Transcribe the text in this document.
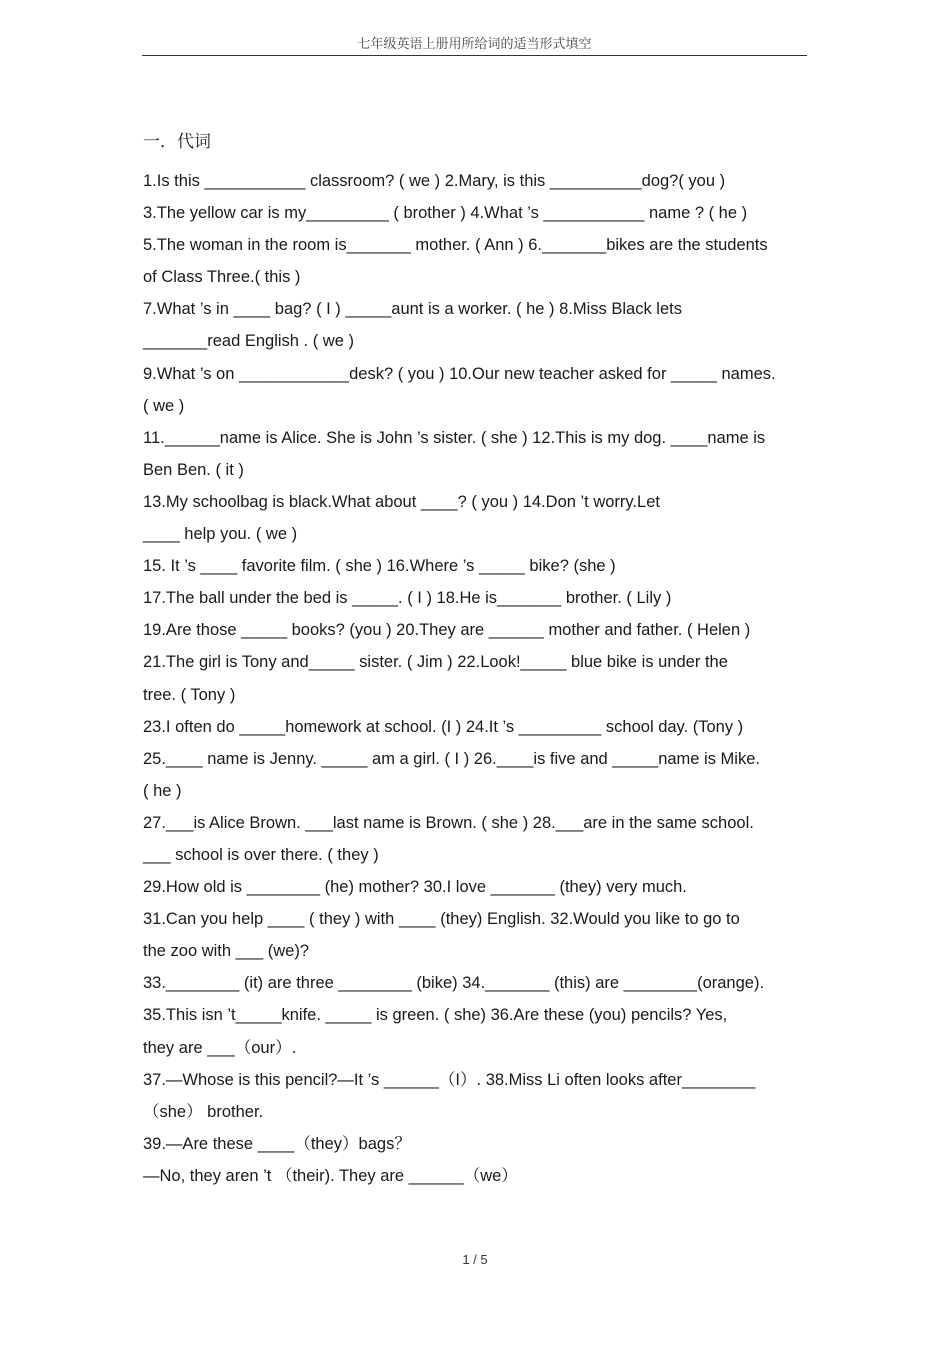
七年级英语上册用所给词的适当形式填空
一．代词
1.Is this ___________ classroom? ( we ) 2.Mary, is this __________dog?( you )
3.The yellow car is my_________ ( brother ) 4.What ’s ___________ name ? ( he )
5.The woman in the room is_______ mother. ( Ann ) 6._______bikes are the students
of Class Three.( this )
7.What ’s in ____ bag? ( I ) _____aunt is a worker. ( he ) 8.Miss Black lets
_______read English . ( we )
9.What ’s on ____________desk? ( you ) 10.Our new teacher asked for _____ names.
( we )
11.______name is Alice. She is John ’s sister. ( she ) 12.This is my dog. ____name is
Ben Ben. ( it )
13.My schoolbag is black.What about ____? ( you ) 14.Don ’t worry.Let
____ help you. ( we )
15. It ’s ____ favorite film. ( she ) 16.Where ’s _____ bike? (she )
17.The ball under the bed is _____. ( I ) 18.He is_______ brother. ( Lily )
19.Are those _____ books? (you ) 20.They are ______ mother and father. ( Helen )
21.The girl is Tony and_____ sister. ( Jim ) 22.Look!_____ blue bike is under the
tree. ( Tony )
23.I often do _____homework at school. (I ) 24.It ’s _________ school day. (Tony )
25.____ name is Jenny. _____ am a girl. ( I ) 26.____is five and _____name is Mike.
( he )
27.___is Alice Brown. ___last name is Brown. ( she ) 28.___are in the same school.
___ school is over there. ( they )
29.How old is ________ (he) mother? 30.I love _______ (they) very much.
31.Can you help ____ ( they ) with ____ (they) English. 32.Would you like to go to
the zoo with ___ (we)?
33.________ (it) are three ________ (bike) 34._______ (this) are ________(orange).
35.This isn ’t_____knife. _____ is green. ( she) 36.Are these (you) pencils? Yes,
they are ___（our）.
37.—Whose is this pencil?—It ’s ______（I）. 38.Miss Li often looks after________
（she） brother.
39.—Are these ____（they）bags？
—No, they aren ’t （their). They are ______（we）
1 / 5
